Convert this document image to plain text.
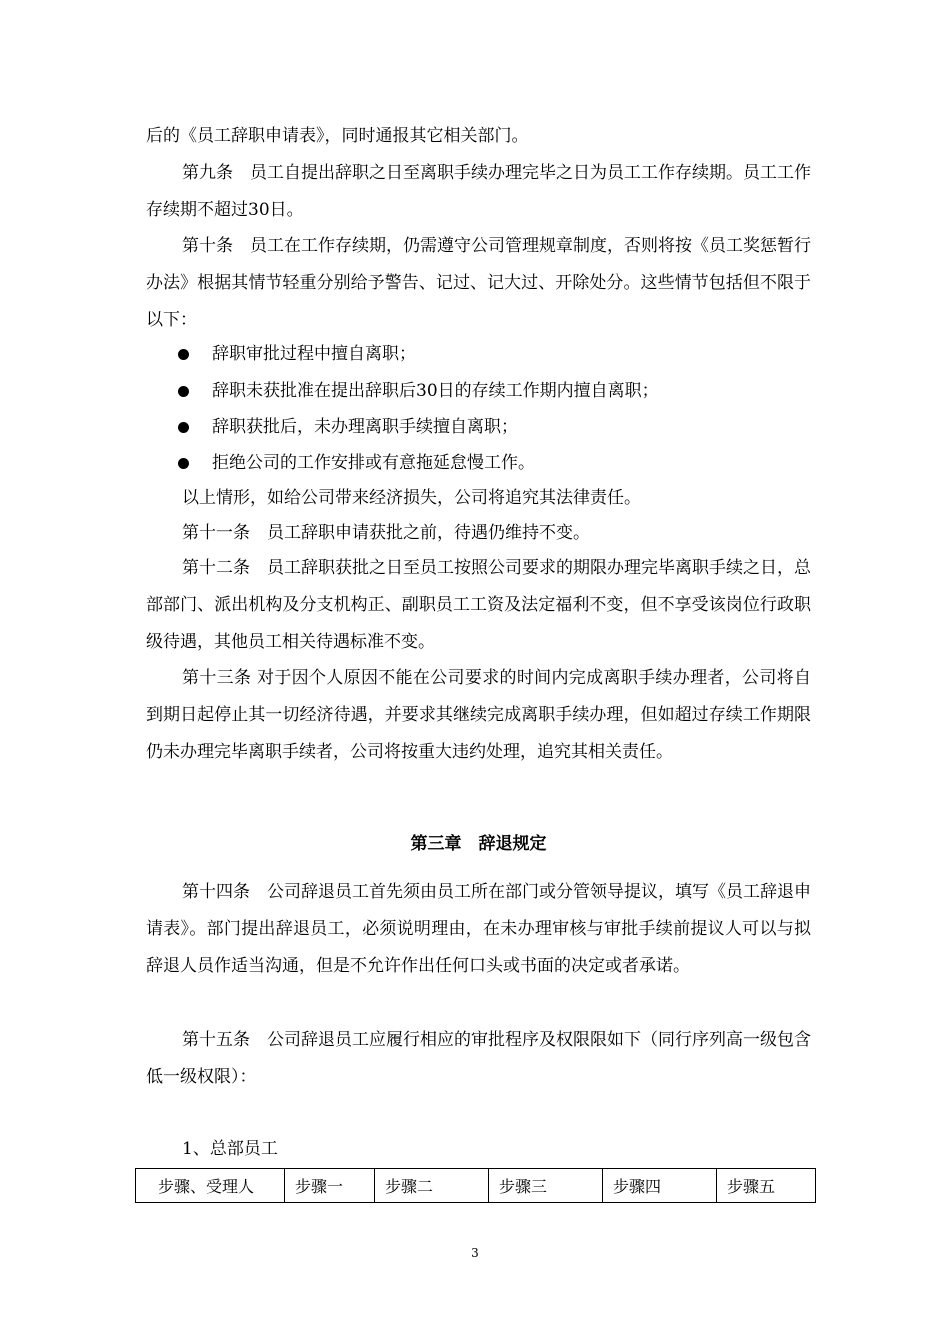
后的《员工辞职申请表》，同时通报其它相关部门。

第九条　员工自提出辞职之日至离职手续办理完毕之日为员工工作存续期。员工工作存续期不超过30日。

第十条　员工在工作存续期，仍需遵守公司管理规章制度，否则将按《员工奖惩暂行办法》根据其情节轻重分别给予警告、记过、记大过、开除处分。这些情节包括但不限于以下：

辞职审批过程中擅自离职；
辞职未获批准在提出辞职后30日的存续工作期内擅自离职；
辞职获批后，未办理离职手续擅自离职；
拒绝公司的工作安排或有意拖延怠慢工作。

以上情形，如给公司带来经济损失，公司将追究其法律责任。

第十一条　员工辞职申请获批之前，待遇仍维持不变。

第十二条　员工辞职获批之日至员工按照公司要求的期限办理完毕离职手续之日，总部部门、派出机构及分支机构正、副职员工工资及法定福利不变，但不享受该岗位行政职级待遇，其他员工相关待遇标准不变。

第十三条 对于因个人原因不能在公司要求的时间内完成离职手续办理者，公司将自到期日起停止其一切经济待遇，并要求其继续完成离职手续办理，但如超过存续工作期限仍未办理完毕离职手续者，公司将按重大违约处理，追究其相关责任。

第三章　辞退规定

第十四条　公司辞退员工首先须由员工所在部门或分管领导提议，填写《员工辞退申请表》。部门提出辞退员工，必须说明理由，在未办理审核与审批手续前提议人可以与拟辞退人员作适当沟通，但是不允许作出任何口头或书面的决定或者承诺。

第十五条　公司辞退员工应履行相应的审批程序及权限限如下（同行序列高一级包含低一级权限）：

1、总部员工
步骤、受理人	步骤一	步骤二	步骤三	步骤四	步骤五
3
